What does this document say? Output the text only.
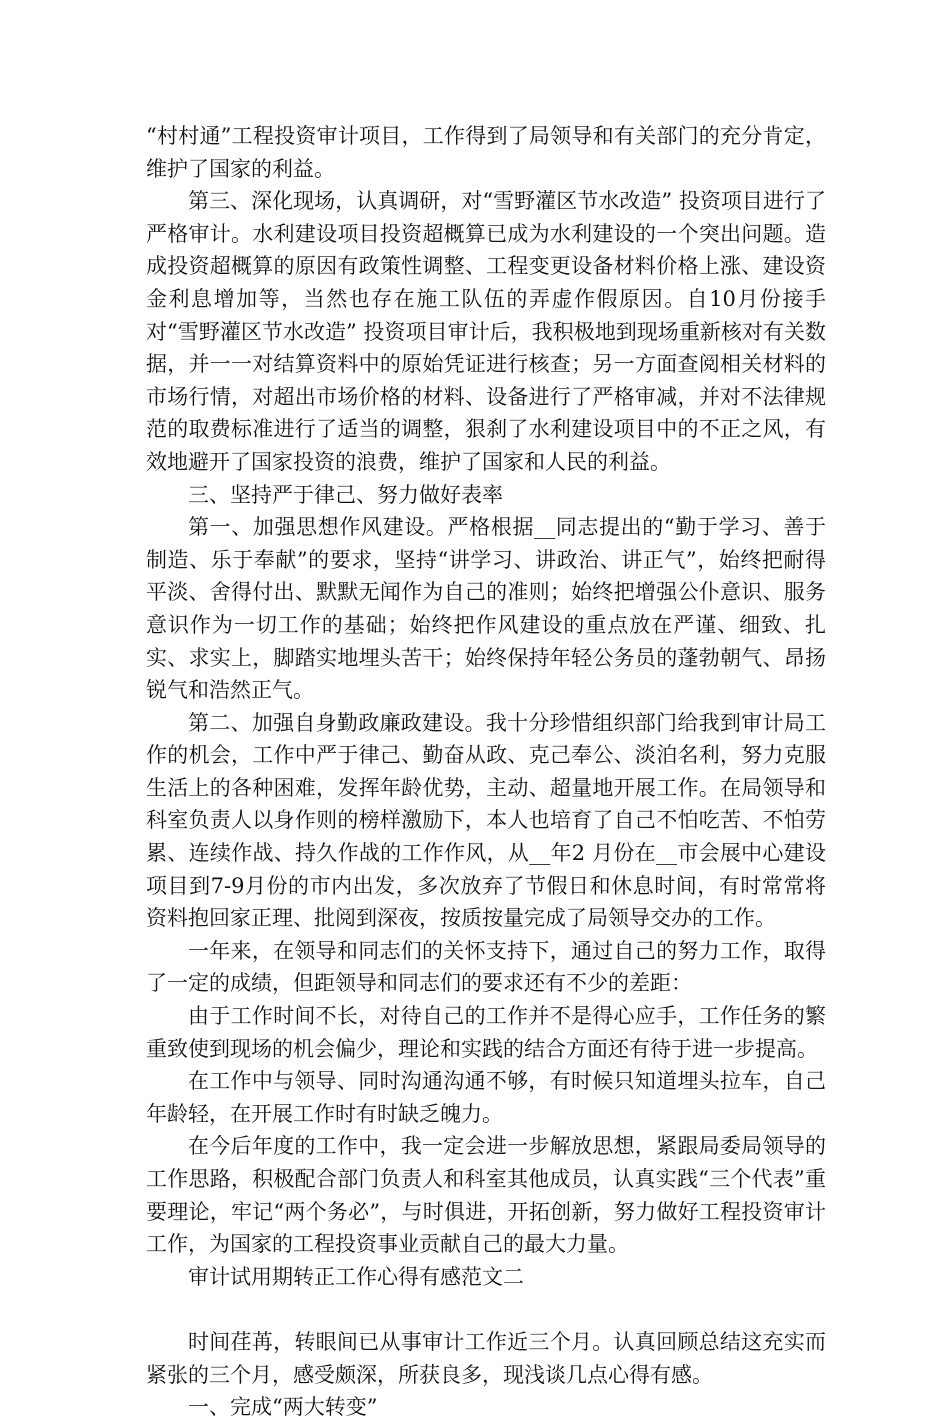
“村村通”工程投资审计项目，工作得到了局领导和有关部门的充分肯定，维护了国家的利益。

第三、深化现场，认真调研，对“雪野灌区节水改造” 投资项目进行了严格审计。水利建设项目投资超概算已成为水利建设的一个突出问题。造成投资超概算的原因有政策性调整、工程变更设备材料价格上涨、建设资金利息增加等，当然也存在施工队伍的弄虚作假原因。自10月份接手对“雪野灌区节水改造” 投资项目审计后，我积极地到现场重新核对有关数据，并一一对结算资料中的原始凭证进行核查；另一方面查阅相关材料的市场行情，对超出市场价格的材料、设备进行了严格审减，并对不法律规范的取费标准进行了适当的调整，狠刹了水利建设项目中的不正之风，有效地避开了国家投资的浪费，维护了国家和人民的利益。

三、坚持严于律己、努力做好表率

第一、加强思想作风建设。严格根据__同志提出的“勤于学习、善于制造、乐于奉献”的要求，坚持“讲学习、讲政治、讲正气”，始终把耐得平淡、舍得付出、默默无闻作为自己的准则；始终把增强公仆意识、服务意识作为一切工作的基础；始终把作风建设的重点放在严谨、细致、扎实、求实上，脚踏实地埋头苦干；始终保持年轻公务员的蓬勃朝气、昂扬锐气和浩然正气。

第二、加强自身勤政廉政建设。我十分珍惜组织部门给我到审计局工作的机会，工作中严于律己、勤奋从政、克己奉公、淡泊名利，努力克服生活上的各种困难，发挥年龄优势，主动、超量地开展工作。在局领导和科室负责人以身作则的榜样激励下，本人也培育了自己不怕吃苦、不怕劳累、连续作战、持久作战的工作作风，从__年2 月份在__市会展中心建设项目到7-9月份的市内出发，多次放弃了节假日和休息时间，有时常常将资料抱回家正理、批阅到深夜，按质按量完成了局领导交办的工作。

一年来，在领导和同志们的关怀支持下，通过自己的努力工作，取得了一定的成绩，但距领导和同志们的要求还有不少的差距：

由于工作时间不长，对待自己的工作并不是得心应手，工作任务的繁重致使到现场的机会偏少，理论和实践的结合方面还有待于进一步提高。

在工作中与领导、同时沟通沟通不够，有时候只知道埋头拉车，自己年龄轻，在开展工作时有时缺乏魄力。

在今后年度的工作中，我一定会进一步解放思想，紧跟局委局领导的工作思路，积极配合部门负责人和科室其他成员，认真实践“三个代表”重要理论，牢记“两个务必”，与时俱进，开拓创新，努力做好工程投资审计工作，为国家的工程投资事业贡献自己的最大力量。

审计试用期转正工作心得有感范文二

时间荏苒，转眼间已从事审计工作近三个月。认真回顾总结这充实而紧张的三个月，感受颇深，所获良多，现浅谈几点心得有感。

一、完成“两大转变”
